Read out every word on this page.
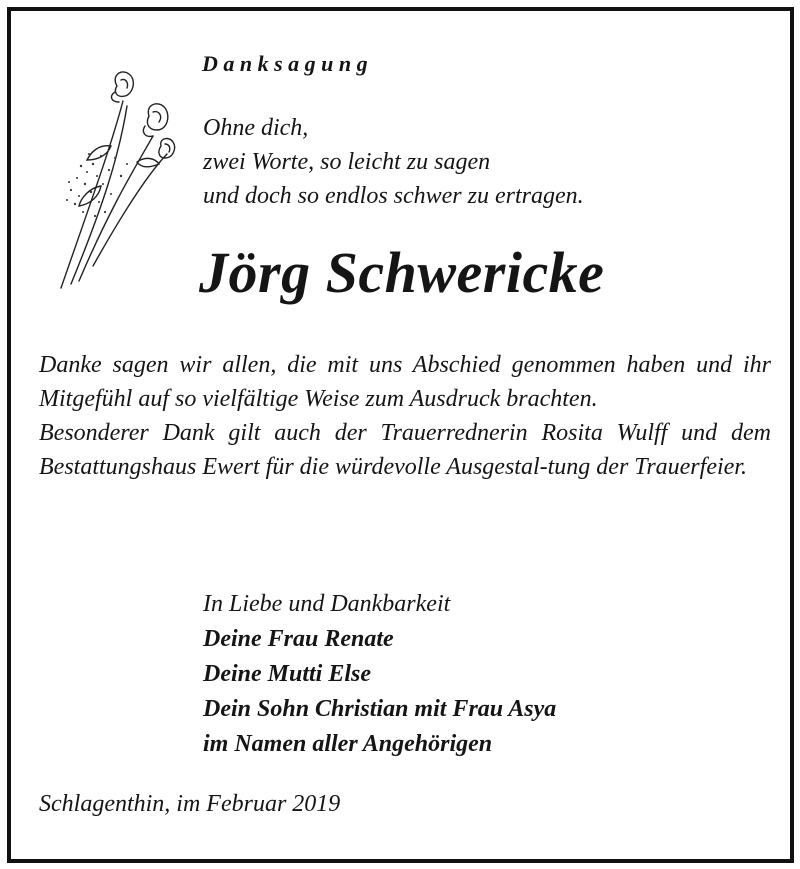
Danksagung
Ohne dich,
zwei Worte, so leicht zu sagen
und doch so endlos schwer zu ertragen.
Jörg Schwericke

Danke sagen wir allen, die mit uns Abschied genommen haben und ihr Mitgefühl auf so vielfältige Weise zum Ausdruck brachten.

Besonderer Dank gilt auch der Trauerrednerin Rosita Wulff und dem Bestattungshaus Ewert für die würdevolle Ausgestal-tung der Trauerfeier.

In Liebe und Dankbarkeit
Deine Frau Renate
Deine Mutti Else
Dein Sohn Christian mit Frau Asya
im Namen aller Angehörigen
Schlagenthin, im Februar 2019
